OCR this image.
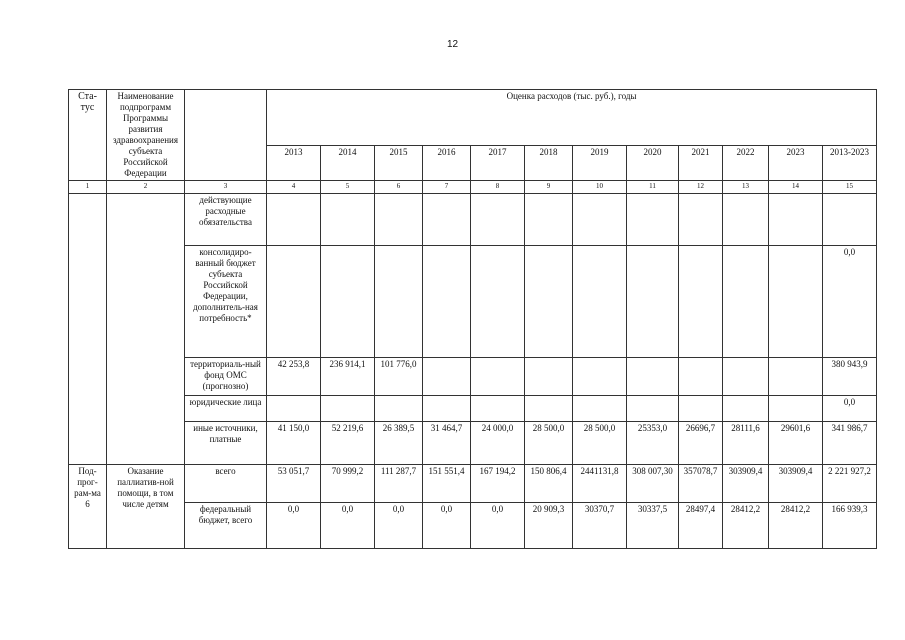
12
Ста-
тус	Наименование подпрограмм Программы развития здравоохранения субъекта Российской Федерации		Оценка расходов (тыс. руб.), годы											
			2013	2014	2015	2016	2017	2018	2019	2020	2021	2022	2023	2013-2023
1	2	3	4	5	6	7	8	9	10	11	12	13	14	15
		действующие расходные обязательства												
		консолидиро-ванный бюджет субъекта Российской Федерации, дополнитель-ная потребность*												0,0
		территориаль-ный фонд ОМС (прогнозно)	42 253,8	236 914,1	101 776,0									380 943,9
		юридические лица												0,0
		иные источники, платные	41 150,0	52 219,6	26 389,5	31 464,7	24 000,0	28 500,0	28 500,0	25353,0	26696,7	28111,6	29601,6	341 986,7
Под-прог-рам-ма 6	Оказание паллиатив-ной помощи, в том числе детям	всего	53 051,7	70 999,2	111 287,7	151 551,4	167 194,2	150 806,4	2441131,8	308 007,30	357078,7	303909,4	303909,4	2 221 927,2
		федеральный бюджет, всего	0,0	0,0	0,0	0,0	0,0	20 909,3	30370,7	30337,5	28497,4	28412,2	28412,2	166 939,3
